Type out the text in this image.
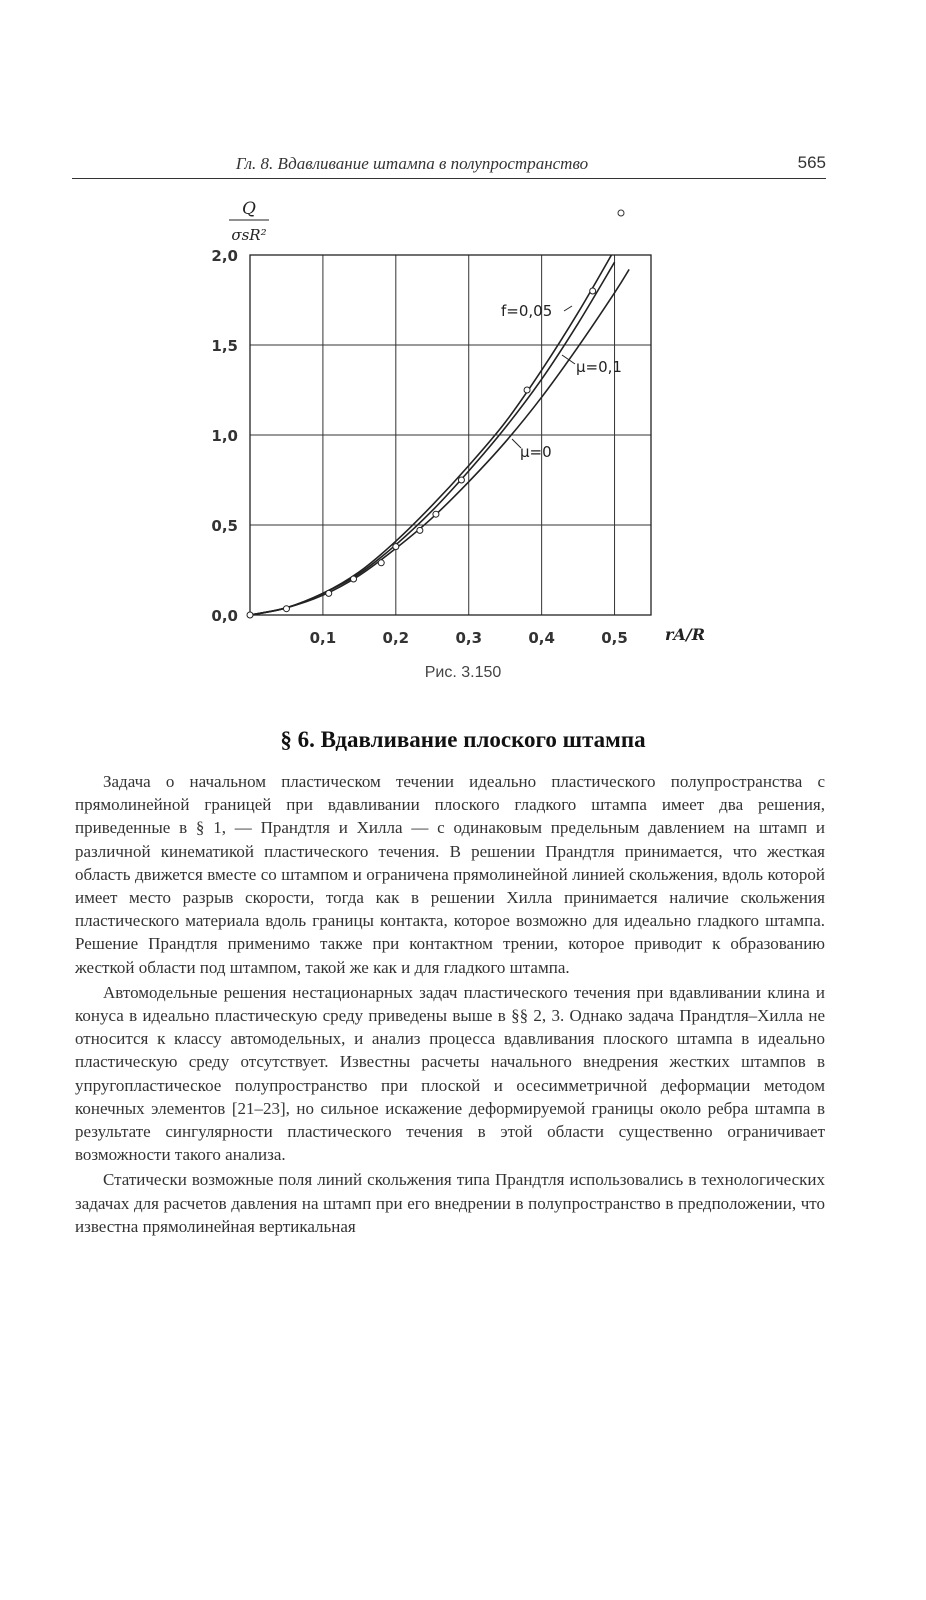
Гл. 8. Вдавливание штампа в полупространство	565
0,1	0,2	0,3	0,4	0,5
0,0
0,5
1,0
1,5
2,0
Q
σsR²
rA/R
f=0,05
μ=0,1
μ=0
Рис. 3.150
§ 6. Вдавливание плоского штампа

Задача о начальном пластическом течении идеально пластического полупространства с прямолинейной границей при вдавливании плоского гладкого штампа имеет два решения, приведенные в § 1, — Прандтля и Хилла — с одинаковым предельным давлением на штамп и различной кинематикой пластического течения. В решении Прандтля принимается, что жесткая область движется вместе со штампом и ограничена прямолинейной линией скольжения, вдоль которой имеет место разрыв скорости, тогда как в решении Хилла принимается наличие скольжения пластического материала вдоль границы контакта, которое возможно для идеально гладкого штампа. Решение Прандтля применимо также при контактном трении, которое приводит к образованию жесткой области под штампом, такой же как и для гладкого штампа.

Автомодельные решения нестационарных задач пластического течения при вдавливании клина и конуса в идеально пластическую среду приведены выше в §§ 2, 3. Однако задача Прандтля–Хилла не относится к классу автомодельных, и анализ процесса вдавливания плоского штампа в идеально пластическую среду отсутствует. Известны расчеты начального внедрения жестких штампов в упругопластическое полупространство при плоской и осесимметричной деформации методом конечных элементов [21–23], но сильное искажение деформируемой границы около ребра штампа в результате сингулярности пластического течения в этой области существенно ограничивает возможности такого анализа.

Статически возможные поля линий скольжения типа Прандтля использовались в технологических задачах для расчетов давления на штамп при его внедрении в полупространство в предположении, что известна прямолинейная вертикальная
